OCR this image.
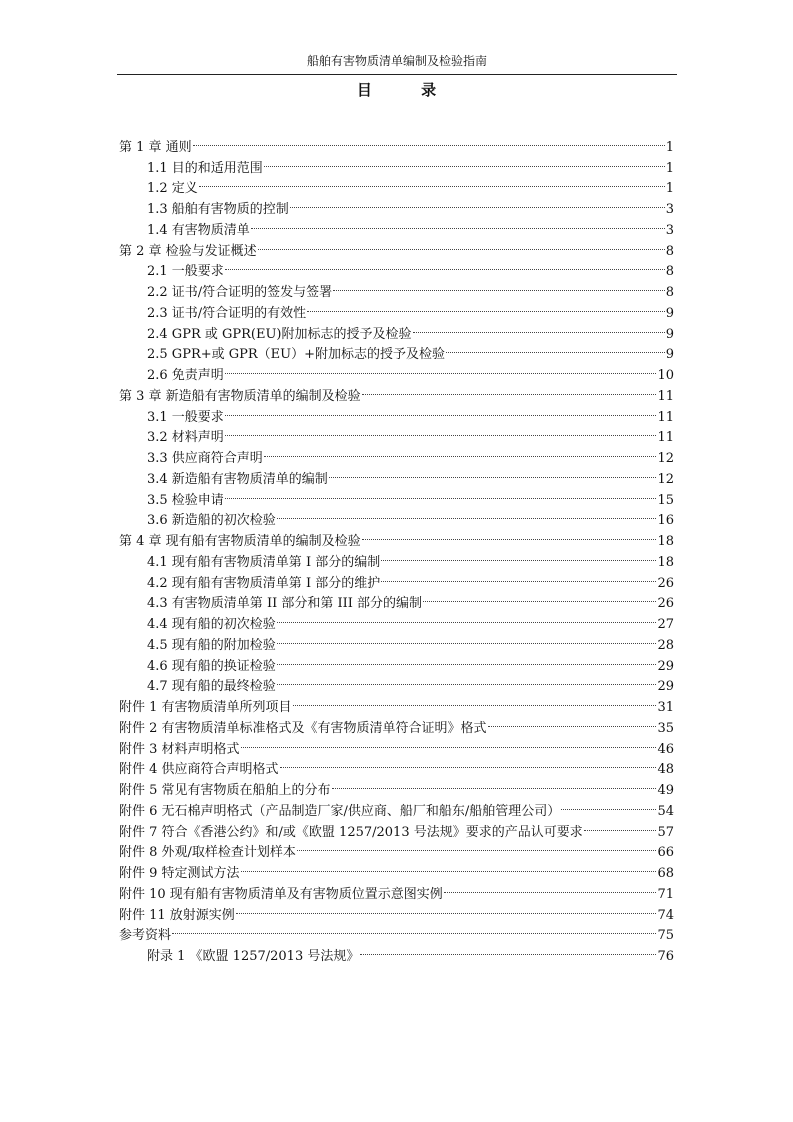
船舶有害物质清单编制及检验指南
目 录
第 1 章 通则	1
1.1 目的和适用范围	1
1.2 定义	1
1.3 船舶有害物质的控制	3
1.4 有害物质清单	3
第 2 章 检验与发证概述	8
2.1 一般要求	8
2.2 证书/符合证明的签发与签署	8
2.3 证书/符合证明的有效性	9
2.4 GPR 或 GPR(EU)附加标志的授予及检验	9
2.5 GPR+或 GPR（EU）+附加标志的授予及检验	9
2.6 免责声明	10
第 3 章 新造船有害物质清单的编制及检验	11
3.1 一般要求	11
3.2 材料声明	11
3.3 供应商符合声明	12
3.4 新造船有害物质清单的编制	12
3.5 检验申请	15
3.6 新造船的初次检验	16
第 4 章 现有船有害物质清单的编制及检验	18
4.1 现有船有害物质清单第 I 部分的编制	18
4.2 现有船有害物质清单第 I 部分的维护	26
4.3 有害物质清单第 II 部分和第 III 部分的编制	26
4.4 现有船的初次检验	27
4.5 现有船的附加检验	28
4.6 现有船的换证检验	29
4.7 现有船的最终检验	29
附件 1 有害物质清单所列项目	31
附件 2 有害物质清单标准格式及《有害物质清单符合证明》格式	35
附件 3 材料声明格式	46
附件 4 供应商符合声明格式	48
附件 5 常见有害物质在船舶上的分布	49
附件 6 无石棉声明格式（产品制造厂家/供应商、船厂和船东/船舶管理公司）	54
附件 7 符合《香港公约》和/或《欧盟 1257/2013 号法规》要求的产品认可要求	57
附件 8 外观/取样检查计划样本	66
附件 9 特定测试方法	68
附件 10 现有船有害物质清单及有害物质位置示意图实例	71
附件 11 放射源实例	74
参考资料	75
附录 1 《欧盟 1257/2013 号法规》	76
